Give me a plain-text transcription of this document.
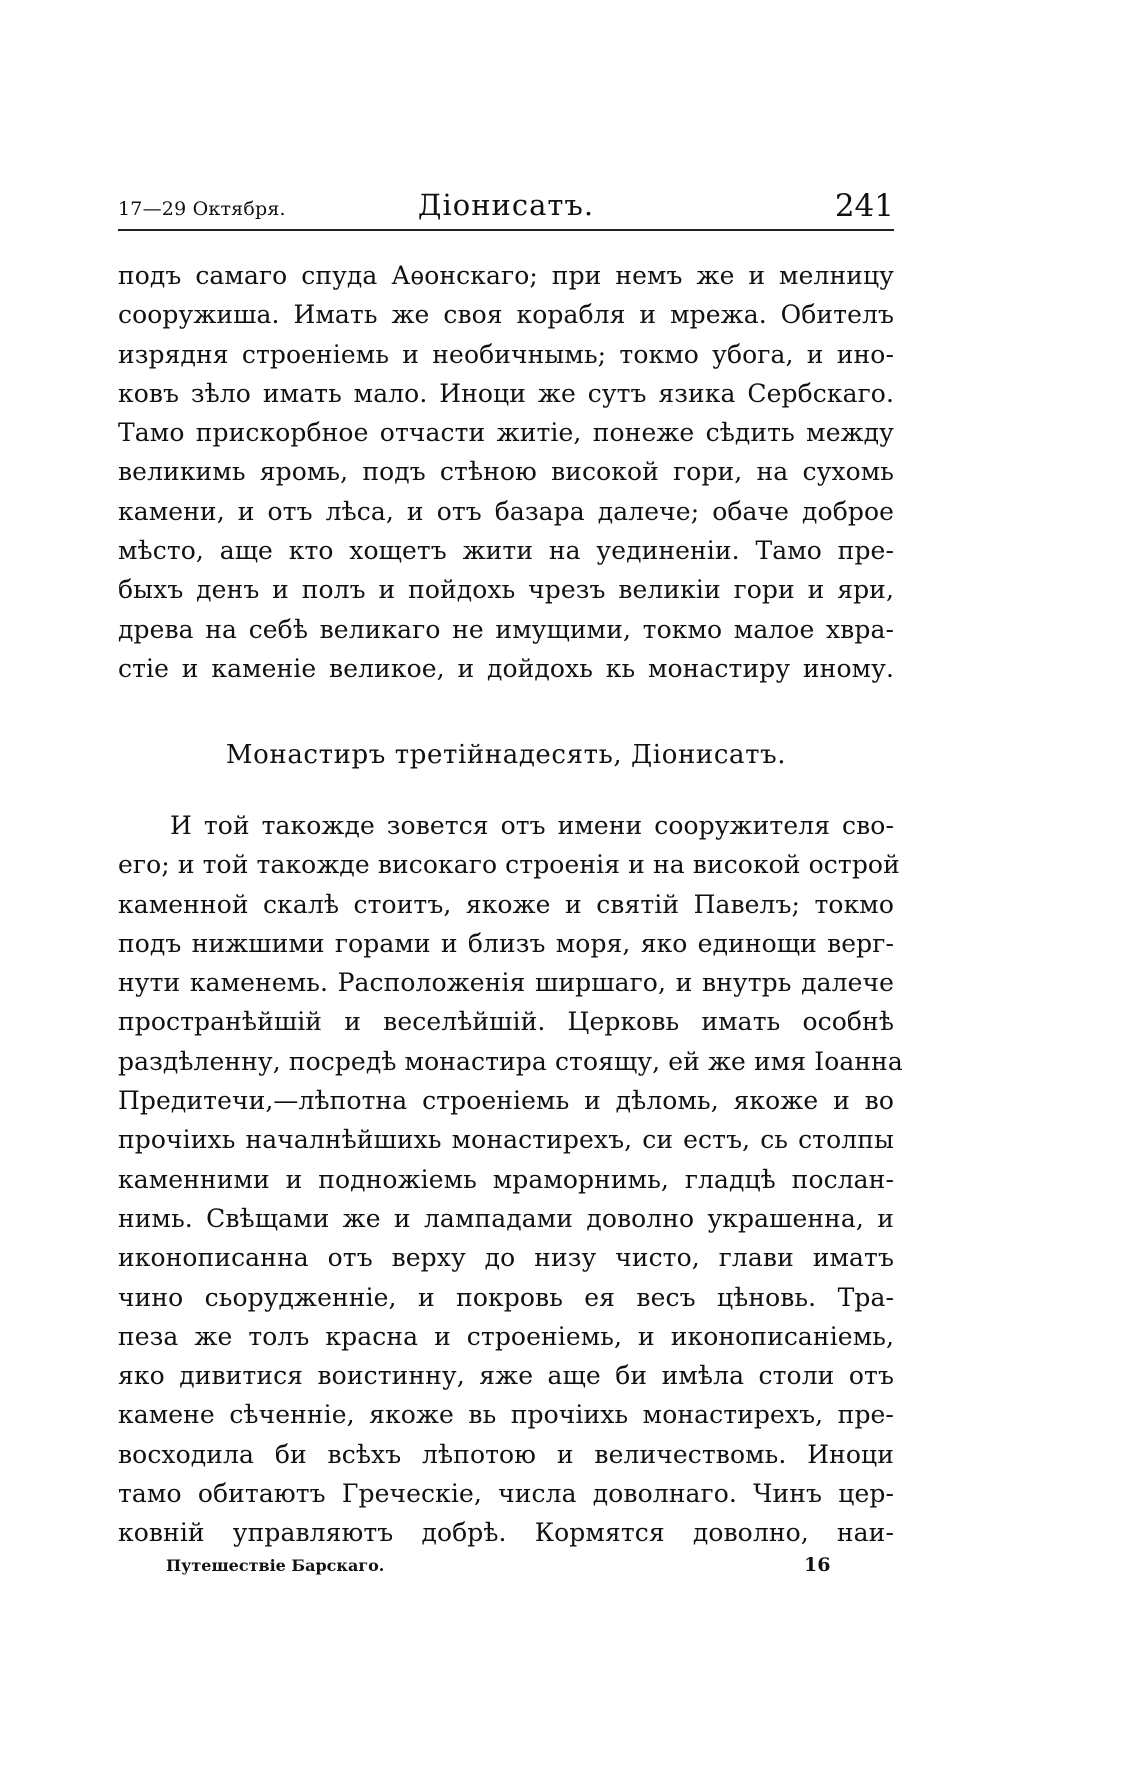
17—29 Октября.	Діонисатъ.	241
подъ самаго спуда Аѳонскаго; при немъ же и мелницу
сооружиша. Имать же своя корабля и мрежа. Обителъ
изрядня строеніемь и необичнымь; токмо убога, и ино-
ковъ зѣло имать мало. Иноци же сутъ язика Сербскаго.
Тамо прискорбное отчасти житіе, понеже сѣдить между
великимь яромь, подъ стѣною високой гори, на сухомь
камени, и отъ лѣса, и отъ базара далече; обаче доброе
мѣсто, аще кто хощетъ жити на уединеніи. Тамо пре-
быхъ денъ и полъ и пойдохь чрезъ великіи гори и яри,
древа на себѣ великаго не имущими, токмо малое хвра-
стіе и каменіе великое, и дойдохь кь монастиру иному.
Монастиръ третійнадесять, Діонисатъ.
И той такожде зовется отъ имени сооружителя сво-
его; и той такожде високаго строенія и на високой острой
каменной скалѣ стоитъ, якоже и святій Павелъ; токмо
подъ нижшими горами и близъ моря, яко единощи верг-
нути каменемь. Расположенія ширшаго, и внутрь далече
пространѣйшій и веселѣйшій. Церковь имать особнѣ
раздѣленну, посредѣ монастира стоящу, ей же имя Іоанна
Предитечи,—лѣпотна строеніемь и дѣломь, якоже и во
прочіихь началнѣйшихь монастирехъ, си естъ, сь столпы
каменними и подножіемь мраморнимь, гладцѣ послан-
нимь. Свѣщами же и лампадами доволно украшенна, и
иконописанна отъ верху до низу чисто, глави иматъ
чино сьорудженніе, и покровь ея весъ цѣновь. Тра-
пеза же толъ красна и строеніемь, и иконописаніемь,
яко дивитися воистинну, яже аще би имѣла столи отъ
камене сѣченніе, якоже вь прочіихь монастирехъ, пре-
восходила би всѣхъ лѣпотою и величествомь. Иноци
тамо обитаютъ Греческіе, числа доволнаго. Чинъ цер-
ковній управляютъ добрѣ. Кормятся доволно, наи-
Путешествіе Барскаго.	16
